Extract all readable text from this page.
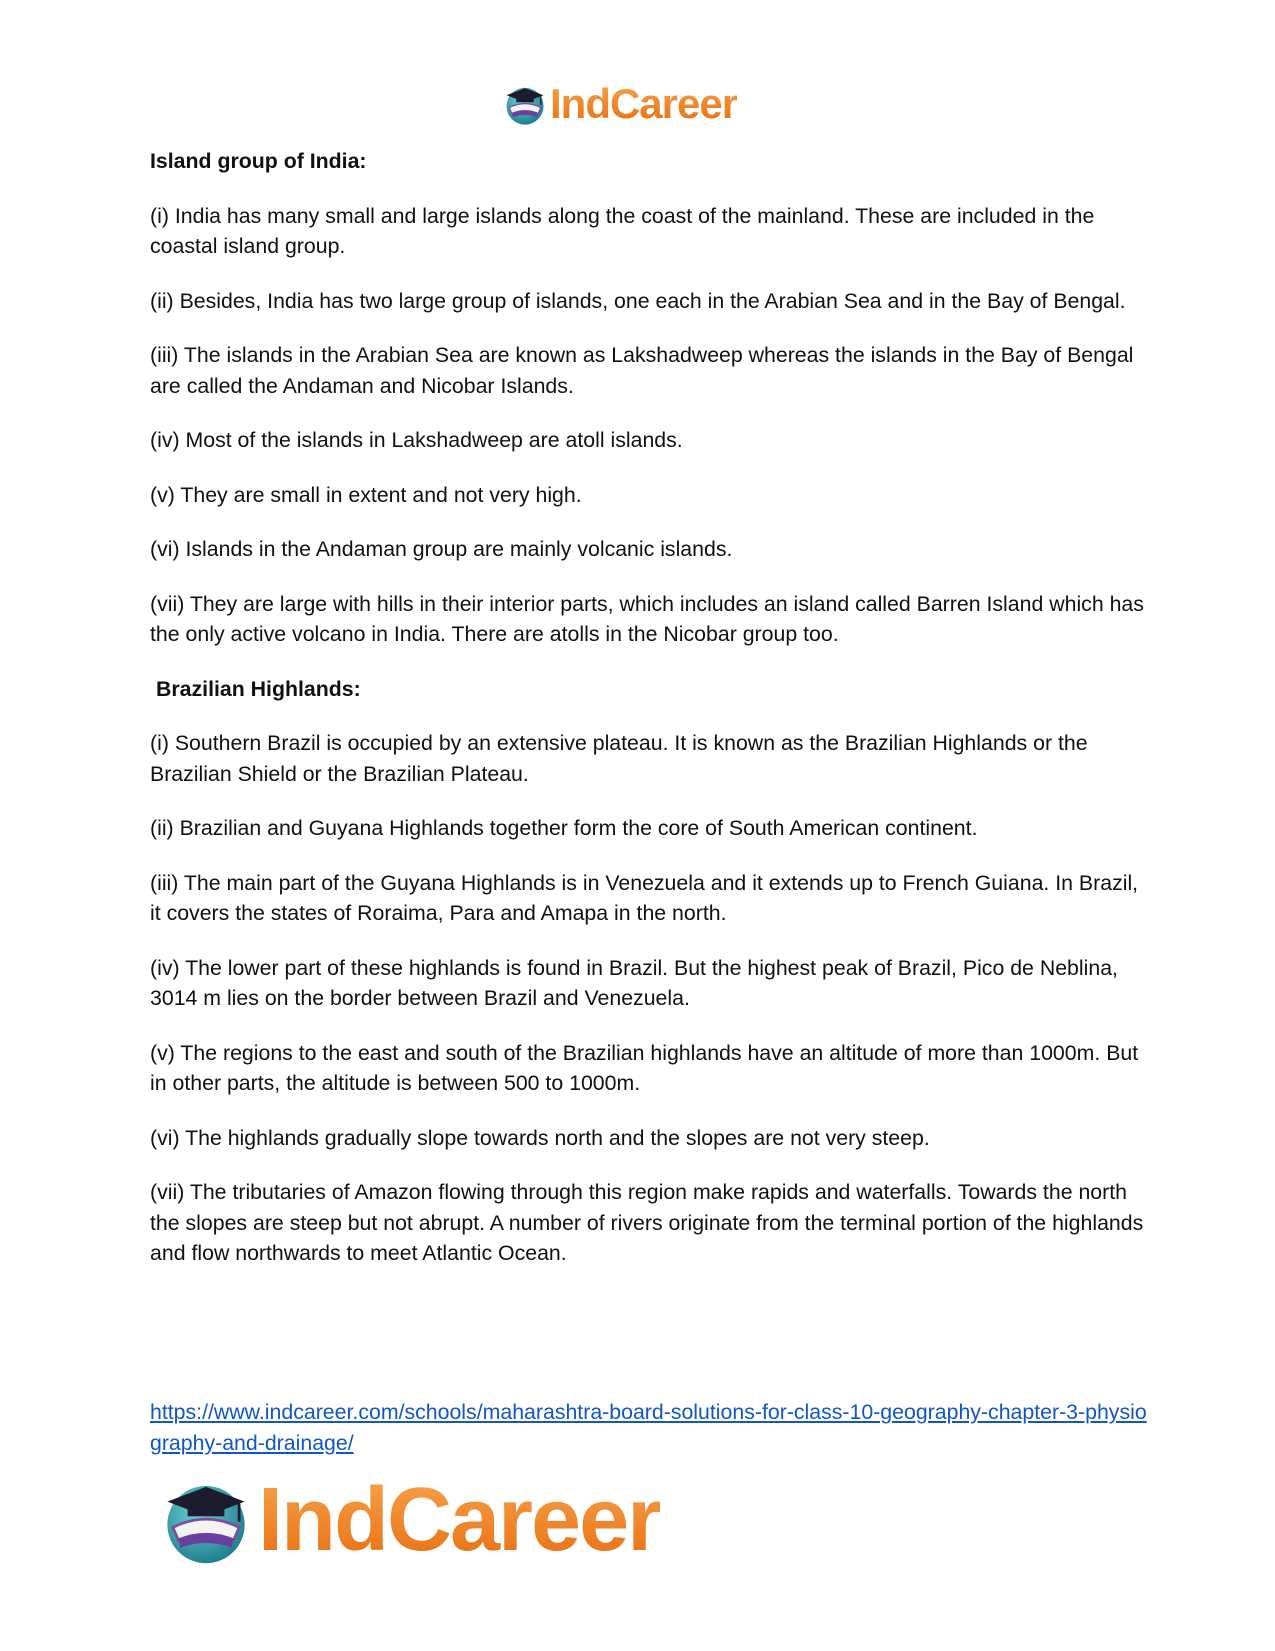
IndCareer
Island group of India:

(i) India has many small and large islands along the coast of the mainland. These are included in the coastal island group.

(ii) Besides, India has two large group of islands, one each in the Arabian Sea and in the Bay of Bengal.

(iii) The islands in the Arabian Sea are known as Lakshadweep whereas the islands in the Bay of Bengal are called the Andaman and Nicobar Islands.

(iv) Most of the islands in Lakshadweep are atoll islands.

(v) They are small in extent and not very high.

(vi) Islands in the Andaman group are mainly volcanic islands.

(vii) They are large with hills in their interior parts, which includes an island called Barren Island which has the only active volcano in India. There are atolls in the Nicobar group too.

Brazilian Highlands:

(i) Southern Brazil is occupied by an extensive plateau. It is known as the Brazilian Highlands or the Brazilian Shield or the Brazilian Plateau.

(ii) Brazilian and Guyana Highlands together form the core of South American continent.

(iii) The main part of the Guyana Highlands is in Venezuela and it extends up to French Guiana. In Brazil, it covers the states of Roraima, Para and Amapa in the north.

(iv) The lower part of these highlands is found in Brazil. But the highest peak of Brazil, Pico de Neblina, 3014 m lies on the border between Brazil and Venezuela.

(v) The regions to the east and south of the Brazilian highlands have an altitude of more than 1000m. But in other parts, the altitude is between 500 to 1000m.

(vi) The highlands gradually slope towards north and the slopes are not very steep.

(vii) The tributaries of Amazon flowing through this region make rapids and waterfalls. Towards the north the slopes are steep but not abrupt. A number of rivers originate from the terminal portion of the highlands and flow northwards to meet Atlantic Ocean.

https://www.indcareer.com/schools/maharashtra-board-solutions-for-class-10-geography-chapter-3-physiography-and-drainage/
IndCareer
